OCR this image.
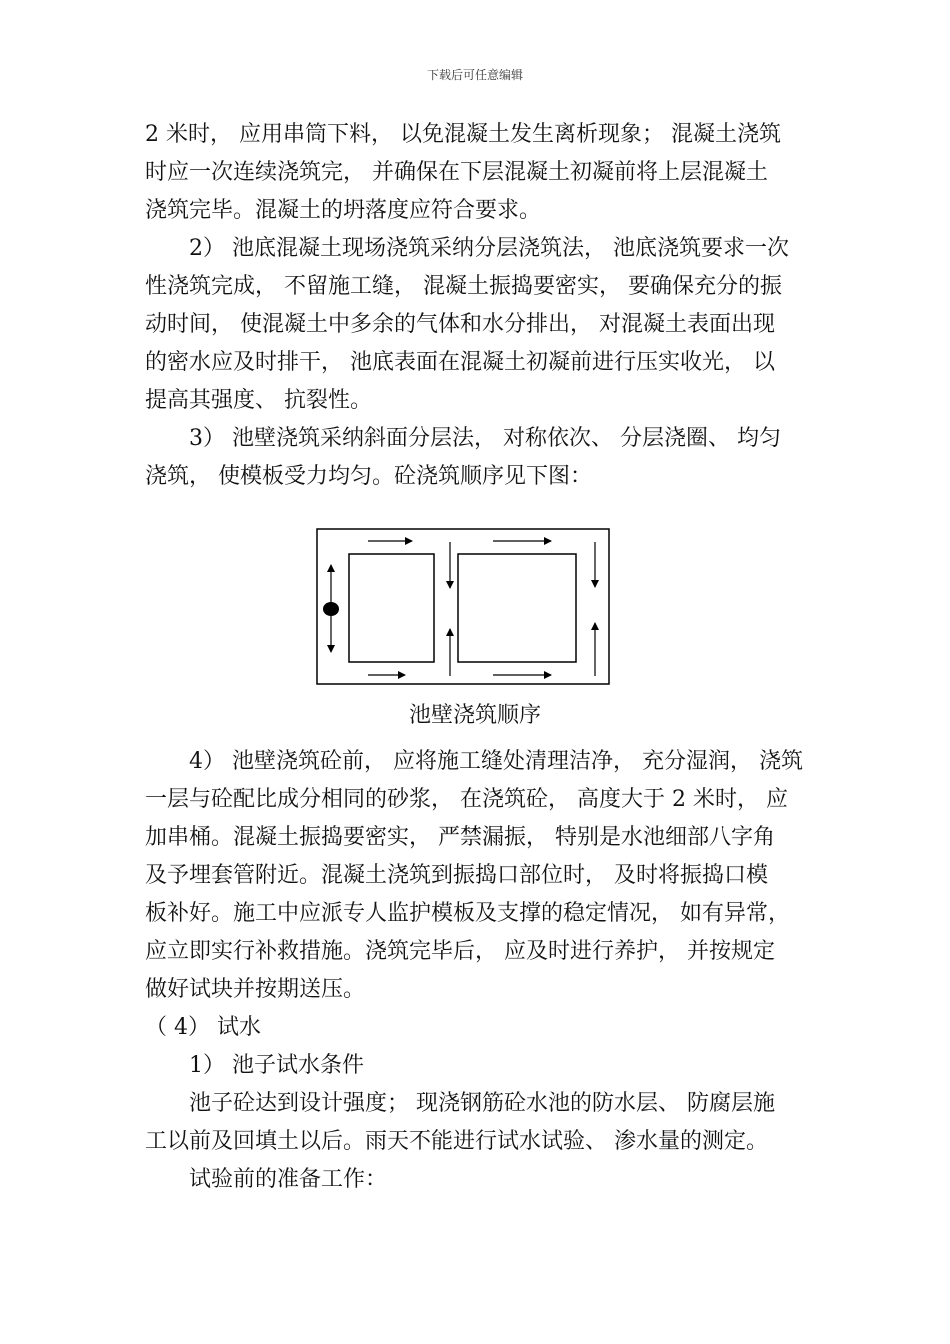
下载后可任意编辑
2 米时， 应用串筒下料， 以免混凝土发生离析现象； 混凝土浇筑
时应一次连续浇筑完， 并确保在下层混凝土初凝前将上层混凝土
浇筑完毕。混凝土的坍落度应符合要求。
　　2） 池底混凝土现场浇筑采纳分层浇筑法， 池底浇筑要求一次
性浇筑完成， 不留施工缝， 混凝土振捣要密实， 要确保充分的振
动时间， 使混凝土中多余的气体和水分排出， 对混凝土表面出现
的密水应及时排干， 池底表面在混凝土初凝前进行压实收光， 以
提高其强度、 抗裂性。
　　3） 池壁浇筑采纳斜面分层法， 对称依次、 分层浇圈、 均匀
浇筑， 使模板受力均匀。砼浇筑顺序见下图：
池壁浇筑顺序
　　4） 池壁浇筑砼前， 应将施工缝处清理洁净， 充分湿润， 浇筑
一层与砼配比成分相同的砂浆， 在浇筑砼， 高度大于 2 米时， 应
加串桶。混凝土振捣要密实， 严禁漏振， 特别是水池细部八字角
及予埋套管附近。混凝土浇筑到振捣口部位时， 及时将振捣口模
板补好。施工中应派专人监护模板及支撑的稳定情况， 如有异常，
应立即实行补救措施。浇筑完毕后， 应及时进行养护， 并按规定
做好试块并按期送压。
（ 4） 试水
　　1） 池子试水条件
　　池子砼达到设计强度； 现浇钢筋砼水池的防水层、 防腐层施
工以前及回填土以后。雨天不能进行试水试验、 渗水量的测定。
　　试验前的准备工作：
